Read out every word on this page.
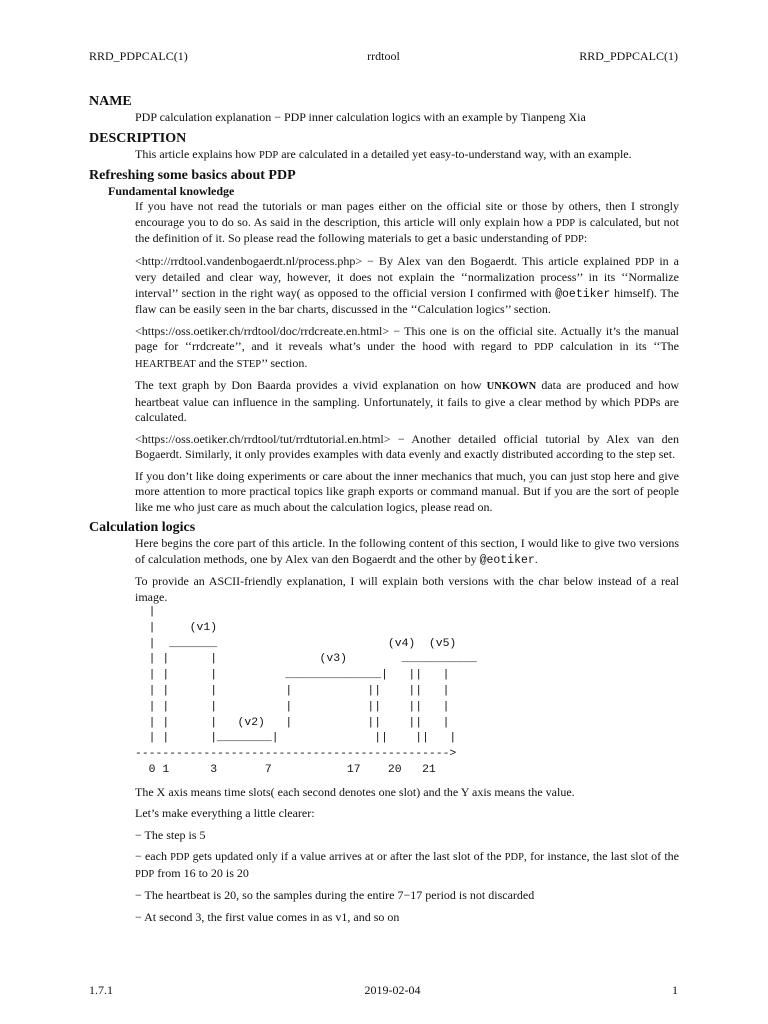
RRD_PDPCALC(1)	rrdtool	RRD_PDPCALC(1)
NAME

PDP calculation explanation − PDP inner calculation logics with an example by Tianpeng Xia

DESCRIPTION

This article explains how PDP are calculated in a detailed yet easy-to-understand way, with an example.

Refreshing some basics about PDP
Fundamental knowledge

If you have not read the tutorials or man pages either on the official site or those by others, then I strongly encourage you to do so. As said in the description, this article will only explain how a PDP is calculated, but not the definition of it. So please read the following materials to get a basic understanding of PDP:

<http://rrdtool.vandenbogaerdt.nl/process.php> − By Alex van den Bogaerdt. This article explained PDP in a very detailed and clear way, however, it does not explain the ‘‘normalization process’’ in its ‘‘Normalize interval’’ section in the right way( as opposed to the official version I confirmed with @oetiker himself). The flaw can be easily seen in the bar charts, discussed in the ‘‘Calculation logics’’ section.

<https://oss.oetiker.ch/rrdtool/doc/rrdcreate.en.html> − This one is on the official site. Actually it’s the manual page for ‘‘rrdcreate’’, and it reveals what’s under the hood with regard to PDP calculation in its ‘‘The HEARTBEAT and the STEP’’ section.

The text graph by Don Baarda provides a vivid explanation on how UNKOWN data are produced and how heartbeat value can influence in the sampling. Unfortunately, it fails to give a clear method by which PDPs are calculated.

<https://oss.oetiker.ch/rrdtool/tut/rrdtutorial.en.html> − Another detailed official tutorial by Alex van den Bogaerdt. Similarly, it only provides examples with data evenly and exactly distributed according to the step set.

If you don’t like doing experiments or care about the inner mechanics that much, you can just stop here and give more attention to more practical topics like graph exports or command manual. But if you are the sort of people like me who just care as much about the calculation logics, please read on.

Calculation logics

Here begins the core part of this article. In the following content of this section, I would like to give two versions of calculation methods, one by Alex van den Bogaerdt and the other by @eotiker.

To provide an ASCII-friendly explanation, I will explain both versions with the char below instead of a real image.

|
|     (v1)
|  _______                         (v4)  (v5)
| |      |               (v3)        ___________
| |      |          ______________|   ||   |
| |      |          |           ||    ||   |
| |      |          |           ||    ||   |
| |      |   (v2)   |           ||    ||   |
| |      |________|              ||    ||   |
---------------------------------------------->
0 1      3       7           17    20   21

The X axis means time slots( each second denotes one slot) and the Y axis means the value.

Let’s make everything a little clearer:

− The step is 5

− each PDP gets updated only if a value arrives at or after the last slot of the PDP, for instance, the last slot of the PDP from 16 to 20 is 20

− The heartbeat is 20, so the samples during the entire 7−17 period is not discarded

− At second 3, the first value comes in as v1, and so on

1.7.1	2019-02-04	1
